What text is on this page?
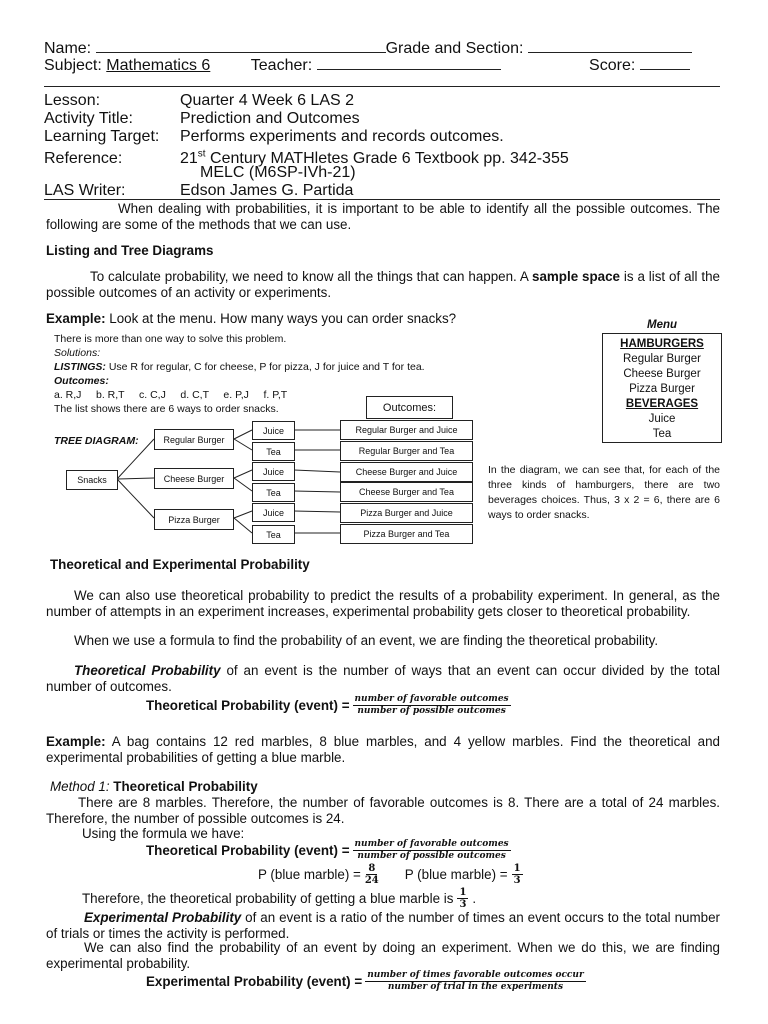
Name:	Grade and Section:
Subject: Mathematics 6	Teacher:	Score:
Lesson:	Quarter 4 Week 6 LAS 2
Activity Title:	Prediction and Outcomes
Learning Target: Performs experiments and records outcomes.
Reference:	21st Century MATHletes Grade 6 Textbook pp. 342-355
MELC (M6SP-IVh-21)
LAS Writer:	Edson James G. Partida
When dealing with probabilities, it is important to be able to identify all the possible outcomes. The following are some of the methods that we can use.
Listing and Tree Diagrams
To calculate probability, we need to know all the things that can happen. A sample space is a list of all the possible outcomes of an activity or experiments.
Example: Look at the menu. How many ways you can order snacks?
There is more than one way to solve this problem.
Solutions:
LISTINGS: Use R for regular, C for cheese, P for pizza, J for juice and T for tea.
Outcomes:
a. R,J     b. R,T     c. C,J     d. C,T     e. P,J     f. P,T
The list shows there are 6 ways to order snacks.
TREE DIAGRAM:
Snacks
Regular Burger
Cheese Burger
Pizza Burger
Juice
Tea
Juice
Tea
Juice
Tea
Outcomes:
Regular Burger and Juice
Regular Burger and Tea
Cheese Burger and Juice
Cheese Burger and Tea
Pizza Burger and Juice
Pizza Burger and Tea
Menu
HAMBURGERS
Regular Burger
Cheese Burger
Pizza Burger
BEVERAGES
Juice
Tea
In the diagram, we can see that, for each of the three kinds of hamburgers, there are two beverages choices. Thus, 3 x 2 = 6, there are 6 ways to order snacks.
Theoretical and Experimental Probability
We can also use theoretical probability to predict the results of a probability experiment. In general, as the number of attempts in an experiment increases, experimental probability gets closer to theoretical probability.
When we use a formula to find the probability of an event, we are finding the theoretical probability.
Theoretical Probability of an event is the number of ways that an event can occur divided by the total number of outcomes.
Theoretical Probability (event) = $\frac{\text{number of favorable outcomes}}{\text{number of possible outcomes}}$
Example: A bag contains 12 red marbles, 8 blue marbles, and 4 yellow marbles. Find the theoretical and experimental probabilities of getting a blue marble.
Method 1: Theoretical Probability
There are 8 marbles. Therefore, the number of favorable outcomes is 8. There are a total of 24 marbles. Therefore, the number of possible outcomes is 24.
Using the formula we have:
Theoretical Probability (event) = $\frac{\text{number of favorable outcomes}}{\text{number of possible outcomes}}$
P (blue marble) = $\frac{8}{24}$ P (blue marble) = $\frac{1}{3}$
Therefore, the theoretical probability of getting a blue marble is $\frac{1}{3}$ .
Experimental Probability of an event is a ratio of the number of times an event occurs to the total number of trials or times the activity is performed.
We can also find the probability of an event by doing an experiment. When we do this, we are finding experimental probability.
Experimental Probability (event) = $\frac{\text{number of times favorable outcomes occur}}{\text{number of trial in the experiments}}$
